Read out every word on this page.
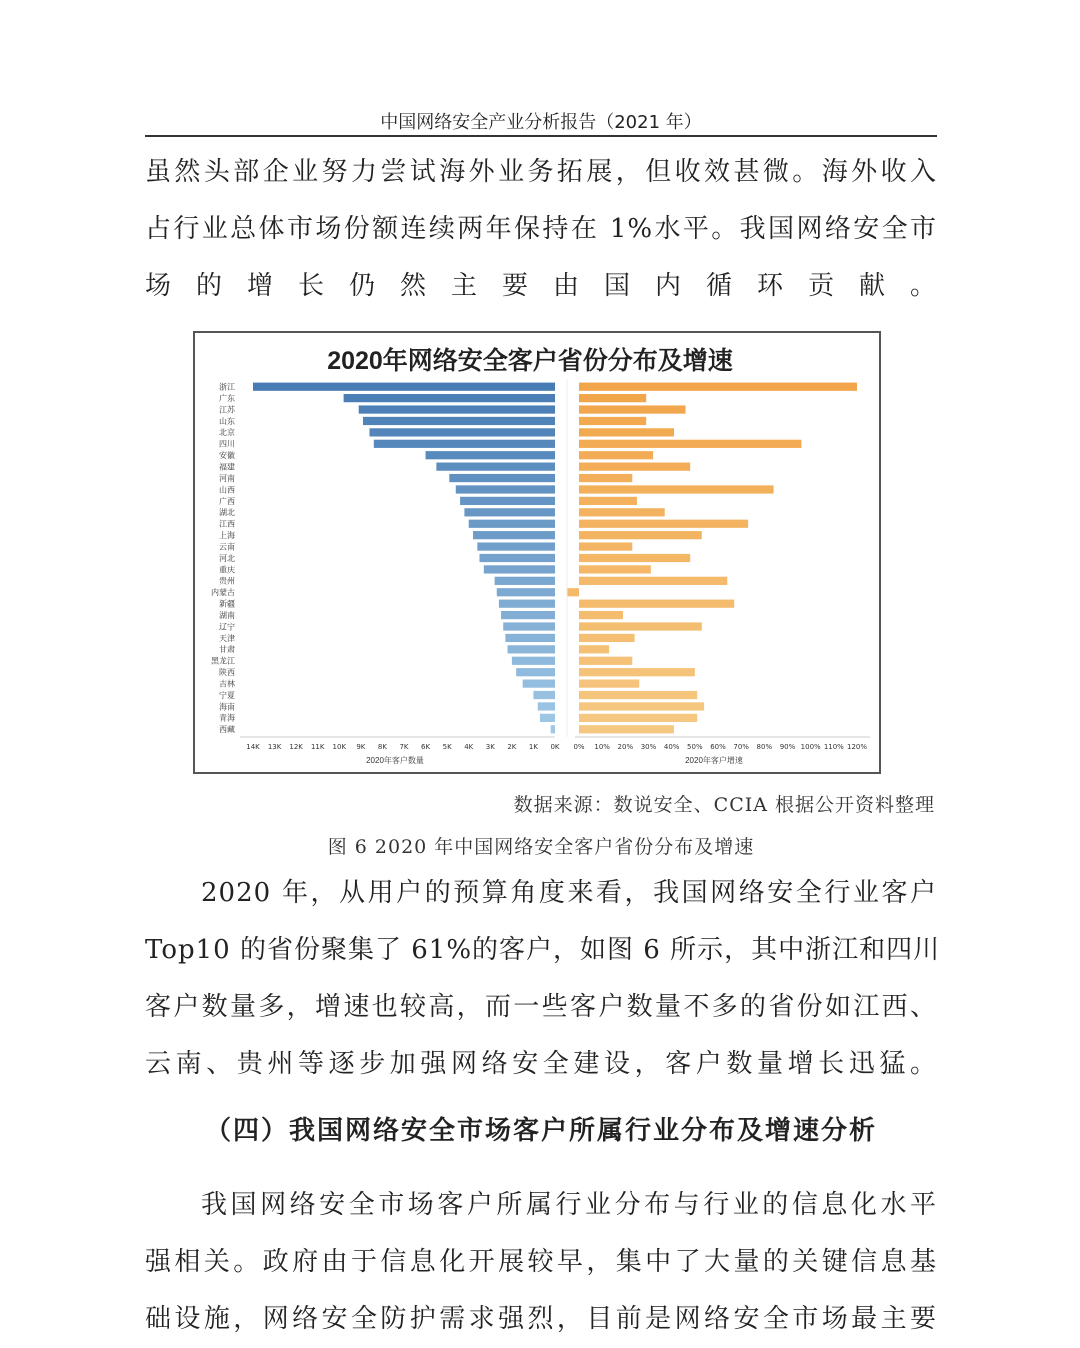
中国网络安全产业分析报告（2021 年）
虽然头部企业努力尝试海外业务拓展，但收效甚微。海外收入
占行业总体市场份额连续两年保持在 1%水平。我国网络安全市
场的增长仍然主要由国内循环贡献。
2020年网络安全客户省份分布及增速
2020年客户数量	2020年客户增速
浙江
广东
江苏
山东
北京
四川
安徽
福建
河南
山西
广西
湖北
江西
上海
云南
河北
重庆
贵州
内蒙古
新疆
湖南
辽宁
天津
甘肃
黑龙江
陕西
吉林
宁夏
海南
青海
西藏
14K 13K 12K 11K 10K 9K 8K 7K 6K 5K 4K 3K 2K 1K 0K 0% 10% 20% 30% 40% 50% 60% 70% 80% 90% 100% 110% 120%
数据来源：数说安全、CCIA 根据公开资料整理
图 6 2020 年中国网络安全客户省份分布及增速
2020 年，从用户的预算角度来看，我国网络安全行业客户
Top10 的省份聚集了 61%的客户，如图 6 所示，其中浙江和四川
客户数量多，增速也较高，而一些客户数量不多的省份如江西、
云南、贵州等逐步加强网络安全建设，客户数量增长迅猛。
（四）我国网络安全市场客户所属行业分布及增速分析
我国网络安全市场客户所属行业分布与行业的信息化水平
强相关。政府由于信息化开展较早，集中了大量的关键信息基
础设施，网络安全防护需求强烈，目前是网络安全市场最主要
